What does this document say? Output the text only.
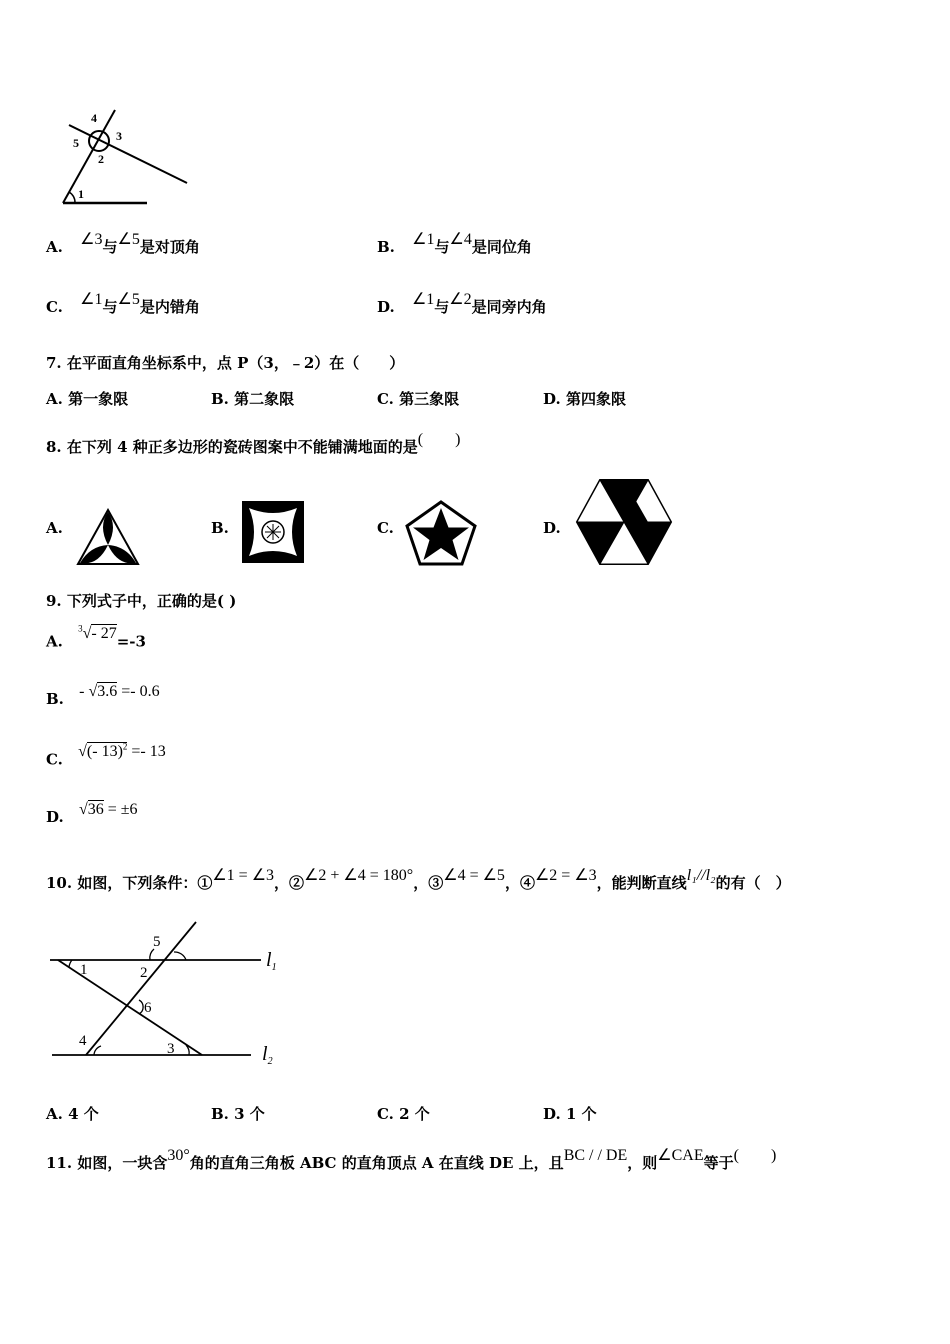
4
3
5
2
1
A. ∠3与∠5是对顶角	B. ∠1与∠4是同位角
C. ∠1与∠5是内错角	D. ∠1与∠2是同旁内角
7. 在平面直角坐标系中，点 P（3，﹣2）在（　　）
A. 第一象限	B. 第二象限	C. 第三象限	D. 第四象限
8. 在下列 4 种正多边形的瓷砖图案中不能铺满地面的是(　　)
A.	B.	C.	D.
9. 下列式子中，正确的是( )
A. $^3$√- 27=-3
B. - √3.6 =- 0.6
C. √(- 13)$^2$ =- 13
D. √36 = ±6
10. 如图，下列条件：①∠1 = ∠3，②∠2 + ∠4 = 180°，③∠4 = ∠5，④∠2 = ∠3，能判断直线l₁//l₂的有（　）
1	2
5
6
4	3
$l_1$
$l_2$
A. 4 个	B. 3 个	C. 2 个	D. 1 个
11. 如图，一块含30°角的直角三角板 ABC 的直角顶点 A 在直线 DE 上，且BC / / DE，则∠CAE等于(　　)
